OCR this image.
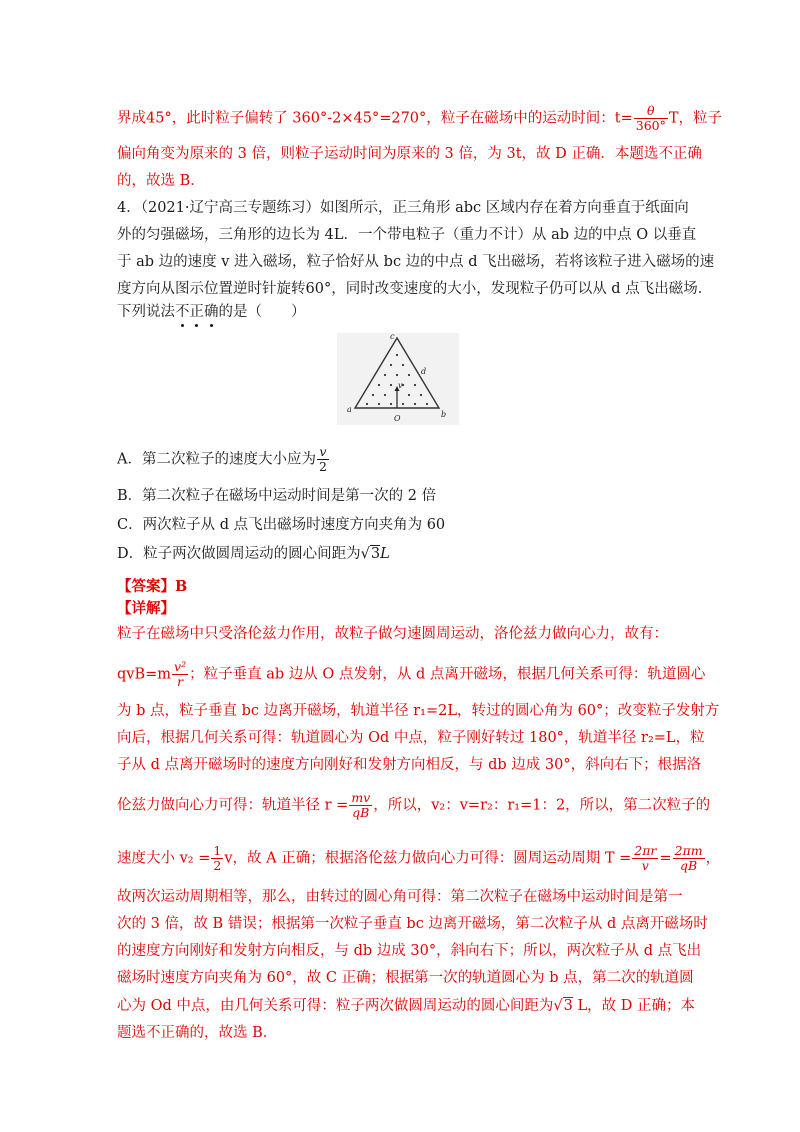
界成45°，此时粒子偏转了 360°-2×45°=270°，粒子在磁场中的运动时间：$t= \frac{\theta}{360^\circ}$ T，粒子
偏向角变为原来的 3 倍，则粒子运动时间为原来的 3 倍，为 3t，故 D 正确．本题选不正确
的，故选 B．
4．（2021·辽宁高三专题练习）如图所示，正三角形 abc 区域内存在着方向垂直于纸面向
外的匀强磁场，三角形的边长为 4L．一个带电粒子（重力不计）从 ab 边的中点 O 以垂直
于 ab 边的速度 v 进入磁场，粒子恰好从 bc 边的中点 d 飞出磁场，若将该粒子进入磁场的速
度方向从图示位置逆时针旋转60°，同时改变速度的大小，发现粒子仍可以从 d 点飞出磁场．
下列说法不正确的是（　　）
v
O
a
b
c
d
A．第二次粒子的速度大小应为 $\frac{v}{2}$
B．第二次粒子在磁场中运动时间是第一次的 2 倍
C．两次粒子从 d 点飞出磁场时速度方向夹角为 60
D．粒子两次做圆周运动的圆心间距为√3L
【答案】B
【详解】
粒子在磁场中只受洛伦兹力作用，故粒子做匀速圆周运动，洛伦兹力做向心力，故有：
$qvB=m \frac{\text{v²}}{r}$ ；粒子垂直 ab 边从 O 点发射，从 d 点离开磁场，根据几何关系可得：轨道圆心
为 b 点，粒子垂直 bc 边离开磁场，轨道半径 r₁=2L，转过的圆心角为 60°；改变粒子发射方
向后，根据几何关系可得：轨道圆心为 Od 中点，粒子刚好转过 180°，轨道半径 r₂=L，粒
子从 d 点离开磁场时的速度方向刚好和发射方向相反，与 db 边成 30°，斜向右下；根据洛
伦兹力做向心力可得：轨道半径 $r = \frac{mv}{qB}$ ，所以，v₂：v=r₂：r₁=1：2，所以，第二次粒子的
速度大小 $v_2 = \frac{1}{2}$ v，故 A 正确；根据洛伦兹力做向心力可得：圆周运动周期 $T = \frac{2\pi r}{v} = \frac{2\pi m}{qB}$ ，
故两次运动周期相等，那么，由转过的圆心角可得：第二次粒子在磁场中运动时间是第一
次的 3 倍，故 B 错误；根据第一次粒子垂直 bc 边离开磁场，第二次粒子从 d 点离开磁场时
的速度方向刚好和发射方向相反，与 db 边成 30°，斜向右下；所以，两次粒子从 d 点飞出
磁场时速度方向夹角为 60°，故 C 正确；根据第一次的轨道圆心为 b 点，第二次的轨道圆
心为 Od 中点，由几何关系可得：粒子两次做圆周运动的圆心间距为√3 L，故 D 正确；本
题选不正确的，故选 B．
